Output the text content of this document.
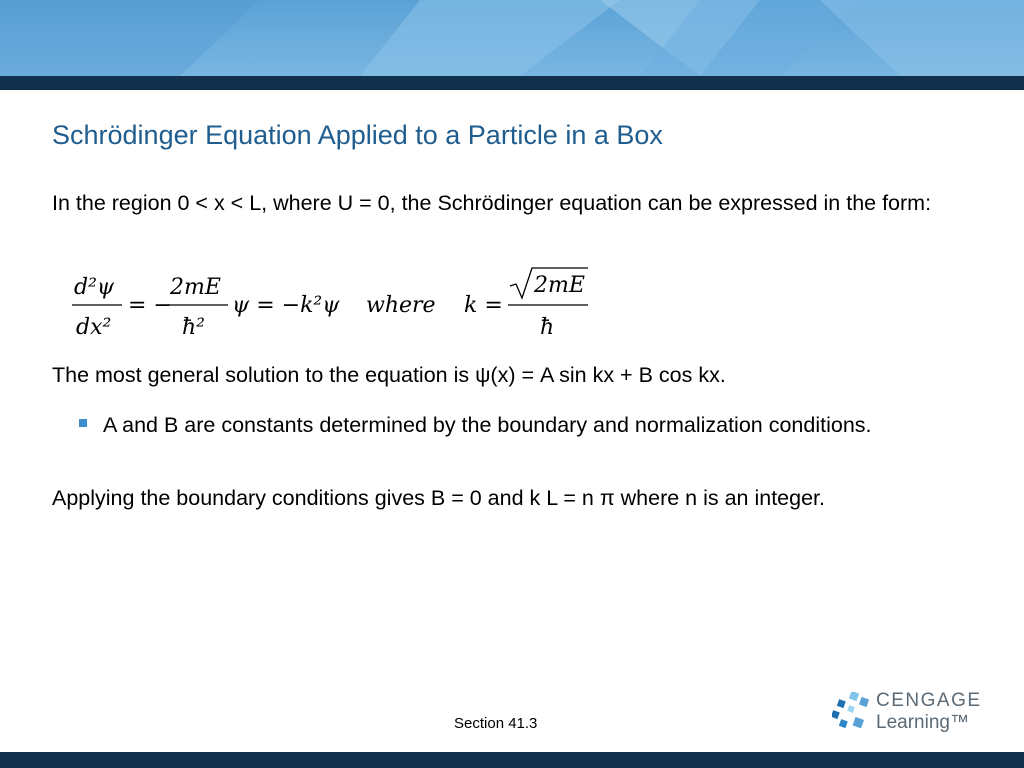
Schrödinger Equation Applied to a Particle in a Box
In the region 0 < x < L, where U = 0, the Schrödinger equation can be expressed in the form:
d²ψ
dx²
= −
2mE
ħ²
ψ = −k²ψ where k =
2mE
ħ
The most general solution to the equation is ψ(x) = A sin kx + B cos kx.
A and B are constants determined by the boundary and normalization conditions.
Applying the boundary conditions gives B = 0 and k L = n π where n is an integer.
Section 41.3
CENGAGE
Learning™
